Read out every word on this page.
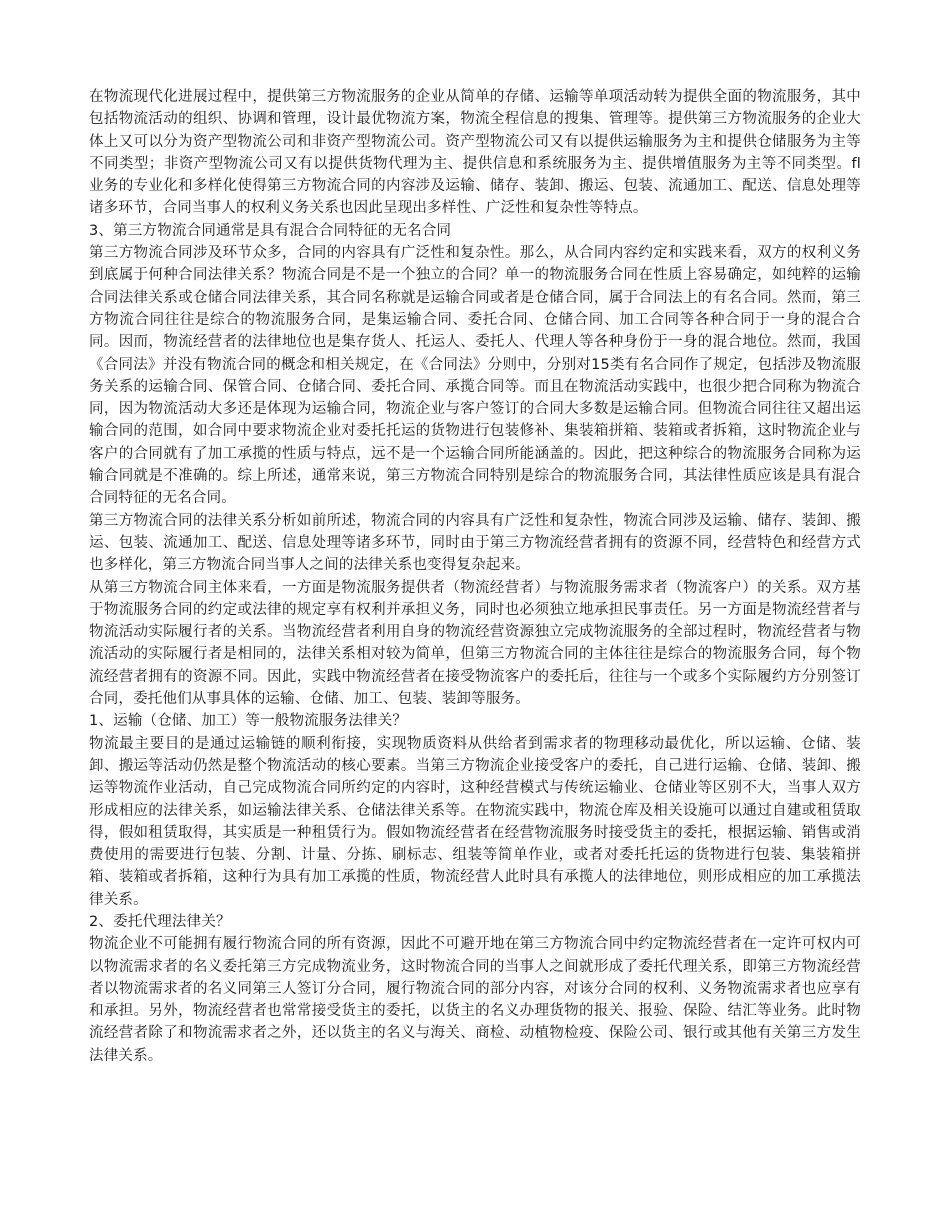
在物流现代化进展过程中，提供第三方物流服务的企业从简单的存储、运输等单项活动转为提供全面的物流服务，其中包括物流活动的组织、协调和管理，设计最优物流方案，物流全程信息的搜集、管理等。提供第三方物流服务的企业大体上又可以分为资产型物流公司和非资产型物流公司。资产型物流公司又有以提供运输服务为主和提供仓储服务为主等不同类型；非资产型物流公司又有以提供货物代理为主、提供信息和系统服务为主、提供增值服务为主等不同类型。fl业务的专业化和多样化使得第三方物流合同的内容涉及运输、储存、装卸、搬运、包装、流通加工、配送、信息处理等诸多环节，合同当事人的权利义务关系也因此呈现出多样性、广泛性和复杂性等特点。

3、第三方物流合同通常是具有混合合同特征的无名合同

第三方物流合同涉及环节众多，合同的内容具有广泛性和复杂性。那么，从合同内容约定和实践来看，双方的权利义务到底属于何种合同法律关系？物流合同是不是一个独立的合同？单一的物流服务合同在性质上容易确定，如纯粹的运输合同法律关系或仓储合同法律关系，其合同名称就是运输合同或者是仓储合同，属于合同法上的有名合同。然而，第三方物流合同往往是综合的物流服务合同，是集运输合同、委托合同、仓储合同、加工合同等各种合同于一身的混合合同。因而，物流经营者的法律地位也是集存货人、托运人、委托人、代理人等各种身份于一身的混合地位。然而，我国《合同法》并没有物流合同的概念和相关规定，在《合同法》分则中，分别对15类有名合同作了规定，包括涉及物流服务关系的运输合同、保管合同、仓储合同、委托合同、承揽合同等。而且在物流活动实践中，也很少把合同称为物流合同，因为物流活动大多还是体现为运输合同，物流企业与客户签订的合同大多数是运输合同。但物流合同往往又超出运输合同的范围，如合同中要求物流企业对委托托运的货物进行包装修补、集装箱拼箱、装箱或者拆箱，这时物流企业与客户的合同就有了加工承揽的性质与特点，远不是一个运输合同所能涵盖的。因此，把这种综合的物流服务合同称为运输合同就是不准确的。综上所述，通常来说，第三方物流合同特别是综合的物流服务合同，其法律性质应该是具有混合合同特征的无名合同。

第三方物流合同的法律关系分析如前所述，物流合同的内容具有广泛性和复杂性，物流合同涉及运输、储存、装卸、搬运、包装、流通加工、配送、信息处理等诸多环节，同时由于第三方物流经营者拥有的资源不同，经营特色和经营方式也多样化，第三方物流合同当事人之间的法律关系也变得复杂起来。

从第三方物流合同主体来看，一方面是物流服务提供者（物流经营者）与物流服务需求者（物流客户）的关系。双方基于物流服务合同的约定或法律的规定享有权利并承担义务，同时也必须独立地承担民事责任。另一方面是物流经营者与物流活动实际履行者的关系。当物流经营者利用自身的物流经营资源独立完成物流服务的全部过程时，物流经营者与物流活动的实际履行者是相同的，法律关系相对较为简单，但第三方物流合同的主体往往是综合的物流服务合同，每个物流经营者拥有的资源不同。因此，实践中物流经营者在接受物流客户的委托后，往往与一个或多个实际履约方分别签订合同，委托他们从事具体的运输、仓储、加工、包装、装卸等服务。

1、运输（仓储、加工）等一般物流服务法律关？

物流最主要目的是通过运输链的顺利衔接，实现物质资料从供给者到需求者的物理移动最优化，所以运输、仓储、装卸、搬运等活动仍然是整个物流活动的核心要素。当第三方物流企业接受客户的委托，自己进行运输、仓储、装卸、搬运等物流作业活动，自己完成物流合同所约定的内容时，这种经营模式与传统运输业、仓储业等区别不大，当事人双方形成相应的法律关系，如运输法律关系、仓储法律关系等。在物流实践中，物流仓库及相关设施可以通过自建或租赁取得，假如租赁取得，其实质是一种租赁行为。假如物流经营者在经营物流服务时接受货主的委托，根据运输、销售或消费使用的需要进行包装、分割、计量、分拣、刷标志、组装等简单作业，或者对委托托运的货物进行包装、集装箱拼箱、装箱或者拆箱，这种行为具有加工承揽的性质，物流经营人此时具有承揽人的法律地位，则形成相应的加工承揽法律关系。

2、委托代理法律关？

物流企业不可能拥有履行物流合同的所有资源，因此不可避开地在第三方物流合同中约定物流经营者在一定许可权内可以物流需求者的名义委托第三方完成物流业务，这时物流合同的当事人之间就形成了委托代理关系，即第三方物流经营者以物流需求者的名义同第三人签订分合同，履行物流合同的部分内容，对该分合同的权利、义务物流需求者也应享有和承担。另外，物流经营者也常常接受货主的委托，以货主的名义办理货物的报关、报验、保险、结汇等业务。此时物流经营者除了和物流需求者之外，还以货主的名义与海关、商检、动植物检疫、保险公司、银行或其他有关第三方发生法律关系。
